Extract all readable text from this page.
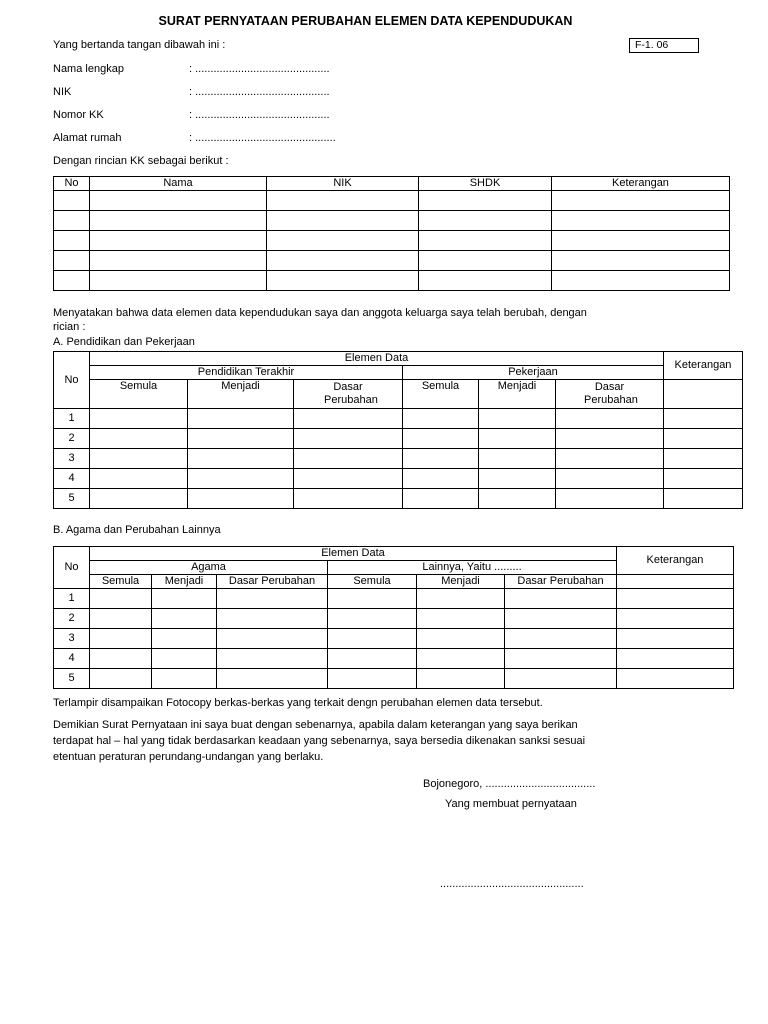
SURAT PERNYATAAN PERUBAHAN ELEMEN DATA KEPENDUDUKAN
F-1. 06
Yang bertanda tangan dibawah ini :
Nama lengkap	: ............................................
NIK	: ............................................
Nomor KK	: ............................................
Alamat rumah	: ..............................................
Dengan rincian KK sebagai berikut :
No	Nama	NIK	SHDK	Keterangan

Menyatakan bahwa data elemen data kependudukan saya dan anggota keluarga saya telah berubah, dengan
rician :
A. Pendidikan dan Pekerjaan
No	Elemen Data						Keterangan
	Pendidikan Terakhir			Pekerjaan			
	Semula	Menjadi	Dasar Perubahan	Semula	Menjadi	Dasar Perubahan	
1							
2							
3							
4							
5							
B. Agama dan Perubahan Lainnya
No	Elemen Data						Keterangan
	Agama			Lainnya, Yaitu .........			
	Semula	Menjadi	Dasar Perubahan	Semula	Menjadi	Dasar Perubahan	
1							
2							
3							
4							
5							
Terlampir disampaikan Fotocopy berkas-berkas yang terkait dengn perubahan elemen data tersebut.
Demikian Surat Pernyataan ini saya buat dengan sebenarnya, apabila dalam keterangan yang saya berikan
terdapat hal – hal yang tidak berdasarkan keadaan yang sebenarnya, saya bersedia dikenakan sanksi sesuai
etentuan peraturan perundang-undangan yang berlaku.
Bojonegoro, ....................................
Yang membuat pernyataan
...............................................
